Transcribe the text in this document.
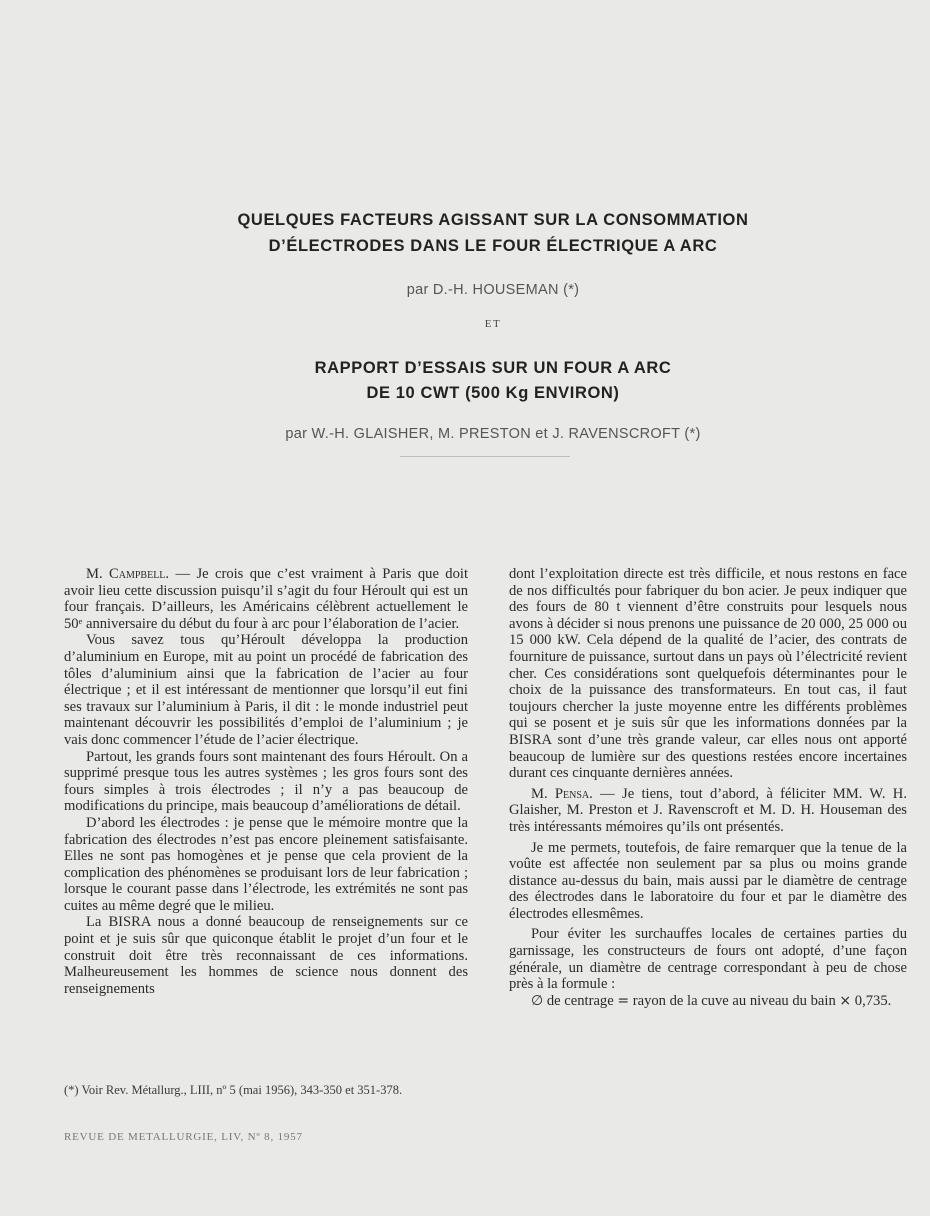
QUELQUES FACTEURS AGISSANT SUR LA CONSOMMATION
D’ÉLECTRODES DANS LE FOUR ÉLECTRIQUE A ARC
par D.-H. HOUSEMAN (*)
ET
RAPPORT D’ESSAIS SUR UN FOUR A ARC
DE 10 CWT (500 Kg ENVIRON)
par W.-H. GLAISHER, M. PRESTON et J. RAVENSCROFT (*)

M. Campbell. — Je crois que c’est vraiment à Paris que doit avoir lieu cette discussion puisqu’il s’agit du four Héroult qui est un four français. D’ailleurs, les Américains célèbrent actuellement le 50ᵉ anniversaire du début du four à arc pour l’élaboration de l’acier.

Vous savez tous qu’Héroult développa la production d’aluminium en Europe, mit au point un procédé de fabrication des tôles d’aluminium ainsi que la fabrication de l’acier au four électrique ; et il est intéressant de mentionner que lorsqu’il eut fini ses travaux sur l’aluminium à Paris, il dit : le monde industriel peut maintenant découvrir les possibilités d’emploi de l’aluminium ; je vais donc commencer l’étude de l’acier électrique.

Partout, les grands fours sont maintenant des fours Héroult. On a supprimé presque tous les autres systèmes ; les gros fours sont des fours simples à trois électrodes ; il n’y a pas beaucoup de modifications du principe, mais beaucoup d’améliorations de détail.

D’abord les électrodes : je pense que le mémoire montre que la fabrication des électrodes n’est pas encore pleinement satisfaisante. Elles ne sont pas homogènes et je pense que cela provient de la complication des phénomènes se produisant lors de leur fabrication ; lorsque le courant passe dans l’électrode, les extrémités ne sont pas cuites au même degré que le milieu.

La BISRA nous a donné beaucoup de renseignements sur ce point et je suis sûr que quiconque établit le projet d’un four et le construit doit être très reconnaissant de ces informations. Malheureusement les hommes de science nous donnent des renseignements

dont l’exploitation directe est très difficile, et nous restons en face de nos difficultés pour fabriquer du bon acier. Je peux indiquer que des fours de 80 t viennent d’être construits pour lesquels nous avons à décider si nous prenons une puissance de 20 000, 25 000 ou 15 000 kW. Cela dépend de la qualité de l’acier, des contrats de fourniture de puissance, surtout dans un pays où l’électricité revient cher. Ces considérations sont quelquefois déterminantes pour le choix de la puissance des transformateurs. En tout cas, il faut toujours chercher la juste moyenne entre les différents problèmes qui se posent et je suis sûr que les informations données par la BISRA sont d’une très grande valeur, car elles nous ont apporté beaucoup de lumière sur des questions restées encore incertaines durant ces cinquante dernières années.

M. Pensa. — Je tiens, tout d’abord, à féliciter MM. W. H. Glaisher, M. Preston et J. Ravenscroft et M. D. H. Houseman des très intéressants mémoires qu’ils ont présentés.

Je me permets, toutefois, de faire remarquer que la tenue de la voûte est affectée non seulement par sa plus ou moins grande distance au-dessus du bain, mais aussi par le diamètre de centrage des électrodes dans le laboratoire du four et par le diamètre des électrodes ellesmêmes.

Pour éviter les surchauffes locales de certaines parties du garnissage, les constructeurs de fours ont adopté, d’une façon générale, un diamètre de centrage correspondant à peu de chose près à la formule :

∅ de centrage = rayon de la cuve au niveau du bain × 0,735.

(*) Voir Rev. Métallurg., LIII, nº 5 (mai 1956), 343-350 et 351-378.
REVUE DE METALLURGIE, LIV, Nº 8, 1957
